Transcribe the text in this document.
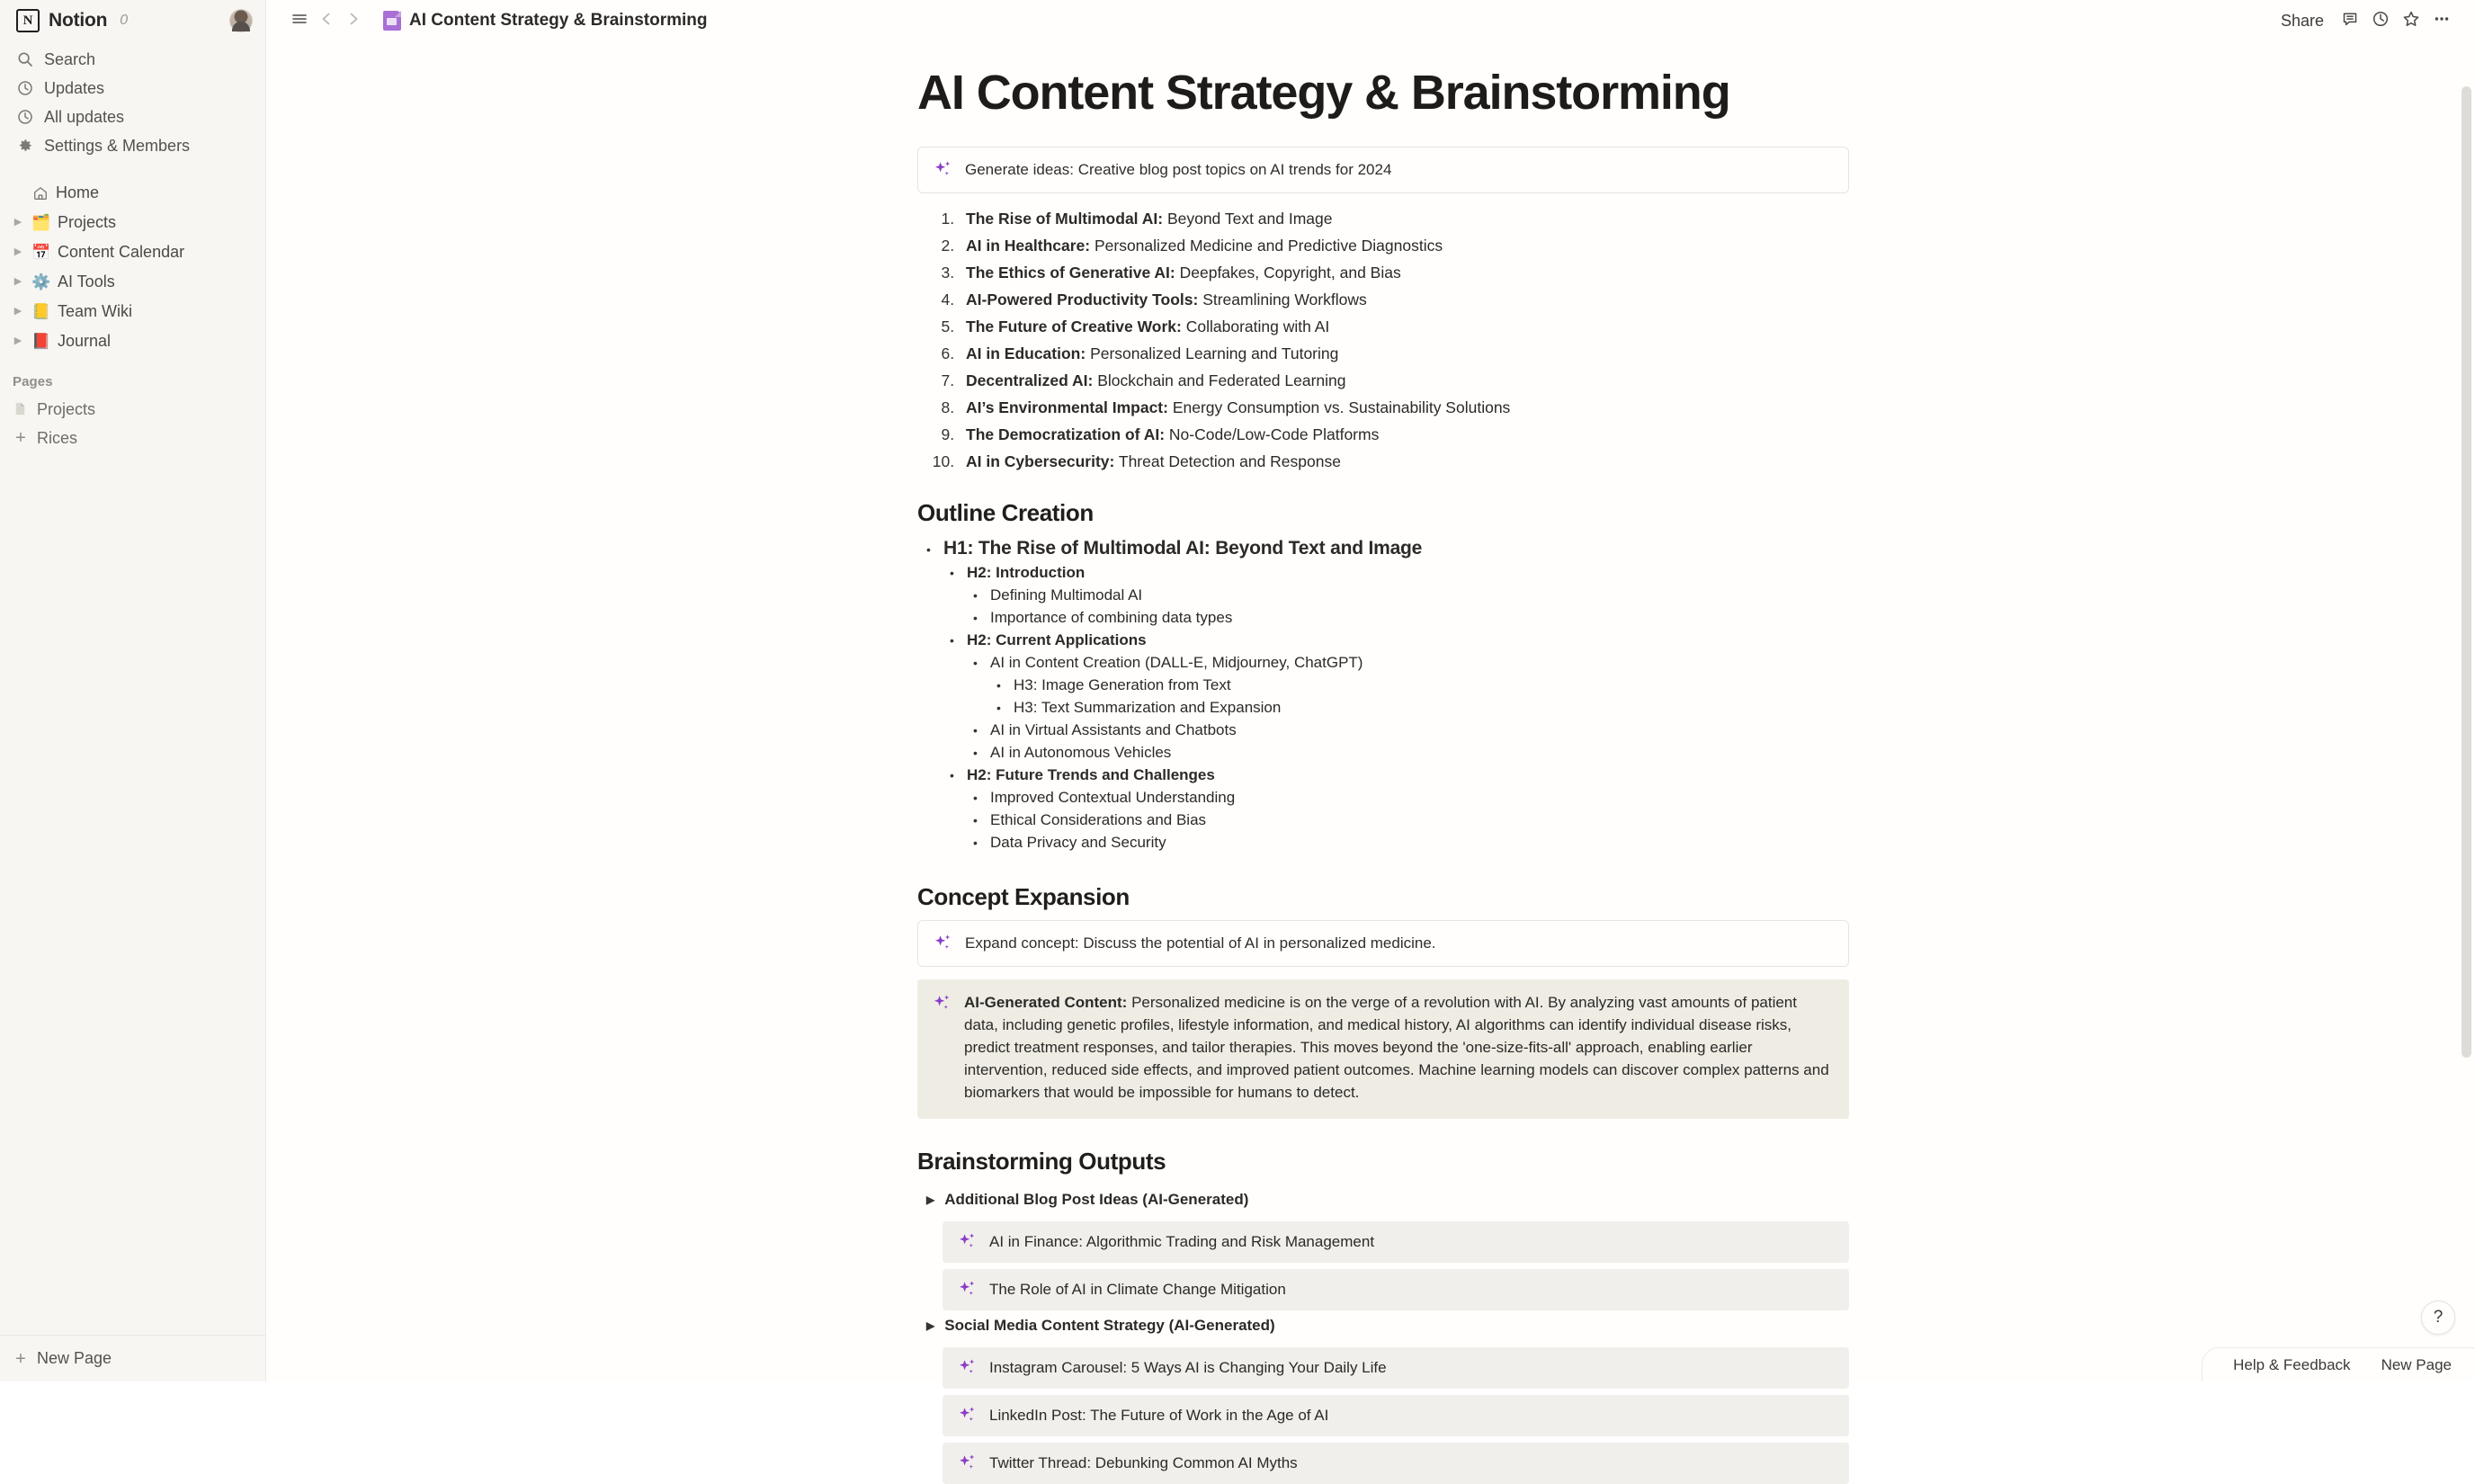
N Notion 0
Search
Updates
All updates
Settings & Members
Home
▶ 🗂️ Projects
▶ 📅 Content Calendar
▶ ⚙️ AI Tools
▶ 📒 Team Wiki
▶ 📕 Journal
Pages
Projects
+ Rices
+ New Page
AI Content Strategy & Brainstorming	Share
AI Content Strategy & Brainstorming
Generate ideas: Creative blog post topics on AI trends for 2024
1. The Rise of Multimodal AI: Beyond Text and Image
2. AI in Healthcare: Personalized Medicine and Predictive Diagnostics
3. The Ethics of Generative AI: Deepfakes, Copyright, and Bias
4. AI-Powered Productivity Tools: Streamlining Workflows
5. The Future of Creative Work: Collaborating with AI
6. AI in Education: Personalized Learning and Tutoring
7. Decentralized AI: Blockchain and Federated Learning
8. AI’s Environmental Impact: Energy Consumption vs. Sustainability Solutions
9. The Democratization of AI: No-Code/Low-Code Platforms
10. AI in Cybersecurity: Threat Detection and Response
Outline Creation
• H1: The Rise of Multimodal AI: Beyond Text and Image
• H2: Introduction
• Defining Multimodal AI
• Importance of combining data types
• H2: Current Applications
• AI in Content Creation (DALL-E, Midjourney, ChatGPT)
• H3: Image Generation from Text
• H3: Text Summarization and Expansion
• AI in Virtual Assistants and Chatbots
• AI in Autonomous Vehicles
• H2: Future Trends and Challenges
• Improved Contextual Understanding
• Ethical Considerations and Bias
• Data Privacy and Security
Concept Expansion
Expand concept: Discuss the potential of AI in personalized medicine.
AI-Generated Content: Personalized medicine is on the verge of a revolution with AI. By analyzing vast amounts of patient data, including genetic profiles, lifestyle information, and medical history, AI algorithms can identify individual disease risks, predict treatment responses, and tailor therapies. This moves beyond the 'one-size-fits-all' approach, enabling earlier intervention, reduced side effects, and improved patient outcomes. Machine learning models can discover complex patterns and biomarkers that would be impossible for humans to detect.
Brainstorming Outputs
▶ Additional Blog Post Ideas (AI-Generated)
AI in Finance: Algorithmic Trading and Risk Management
The Role of AI in Climate Change Mitigation
▶ Social Media Content Strategy (AI-Generated)
Instagram Carousel: 5 Ways AI is Changing Your Daily Life
LinkedIn Post: The Future of Work in the Age of AI
Twitter Thread: Debunking Common AI Myths
?
Help & Feedback New Page
